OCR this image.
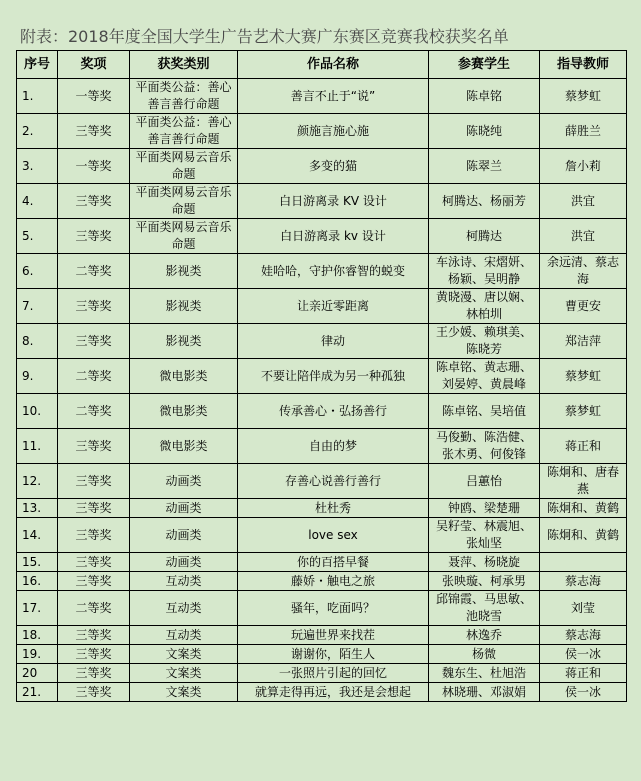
附表：2018年度全国大学生广告艺术大赛广东赛区竞赛我校获奖名单
序号	奖项	获奖类别	作品名称	参赛学生	指导教师
1.	一等奖	平面类公益：善心善言善行命题	善言不止于“说”	陈卓铭	蔡梦虹
2.	三等奖	平面类公益：善心善言善行命题	颜施言施心施	陈晓纯	薛胜兰
3.	一等奖	平面类网易云音乐命题	多变的猫	陈翠兰	詹小莉
4.	三等奖	平面类网易云音乐命题	白日游离录 KV 设计	柯腾达、杨丽芳	洪宜
5.	三等奖	平面类网易云音乐命题	白日游离录 kv 设计	柯腾达	洪宜
6.	二等奖	影视类	娃哈哈，守护你睿智的蜕变	车泳诗、宋熠妍、杨颖、吴明静	余远清、蔡志海
7.	三等奖	影视类	让亲近零距离	黄晓漫、唐以娴、林柏圳	曹更安
8.	三等奖	影视类	律动	王少媛、赖琪美、陈晓芳	郑洁萍
9.	二等奖	微电影类	不要让陪伴成为另一种孤独	陈卓铭、黄志珊、刘晏婷、黄晨峰	蔡梦虹
10.	二等奖	微电影类	传承善心・弘扬善行	陈卓铭、吴培值	蔡梦虹
11.	三等奖	微电影类	自由的梦	马俊勤、陈浩健、张木勇、何俊锋	蒋正和
12.	三等奖	动画类	存善心说善行善行	吕蕙怡	陈炯和、唐春燕
13.	三等奖	动画类	杜杜秀	钟鸥、梁楚珊	陈炯和、黄鹤
14.	三等奖	动画类	love sex	吴籽莹、林震旭、张灿坚	陈炯和、黄鹤
15.	三等奖	动画类	你的百搭早餐	聂萍、杨晓旋	
16.	三等奖	互动类	藤娇・触电之旅	张映璇、柯承男	蔡志海
17.	二等奖	互动类	骚年，吃面吗？	邱锦霞、马思敏、池晓雪	刘莹
18.	三等奖	互动类	玩遍世界来找茬	林逸乔	蔡志海
19.	三等奖	文案类	谢谢你，陌生人	杨微	侯一冰
20	三等奖	文案类	一张照片引起的回忆	魏东生、杜旭浩	蒋正和
21.	三等奖	文案类	就算走得再远，我还是会想起	林晓珊、邓淑娟	侯一冰
